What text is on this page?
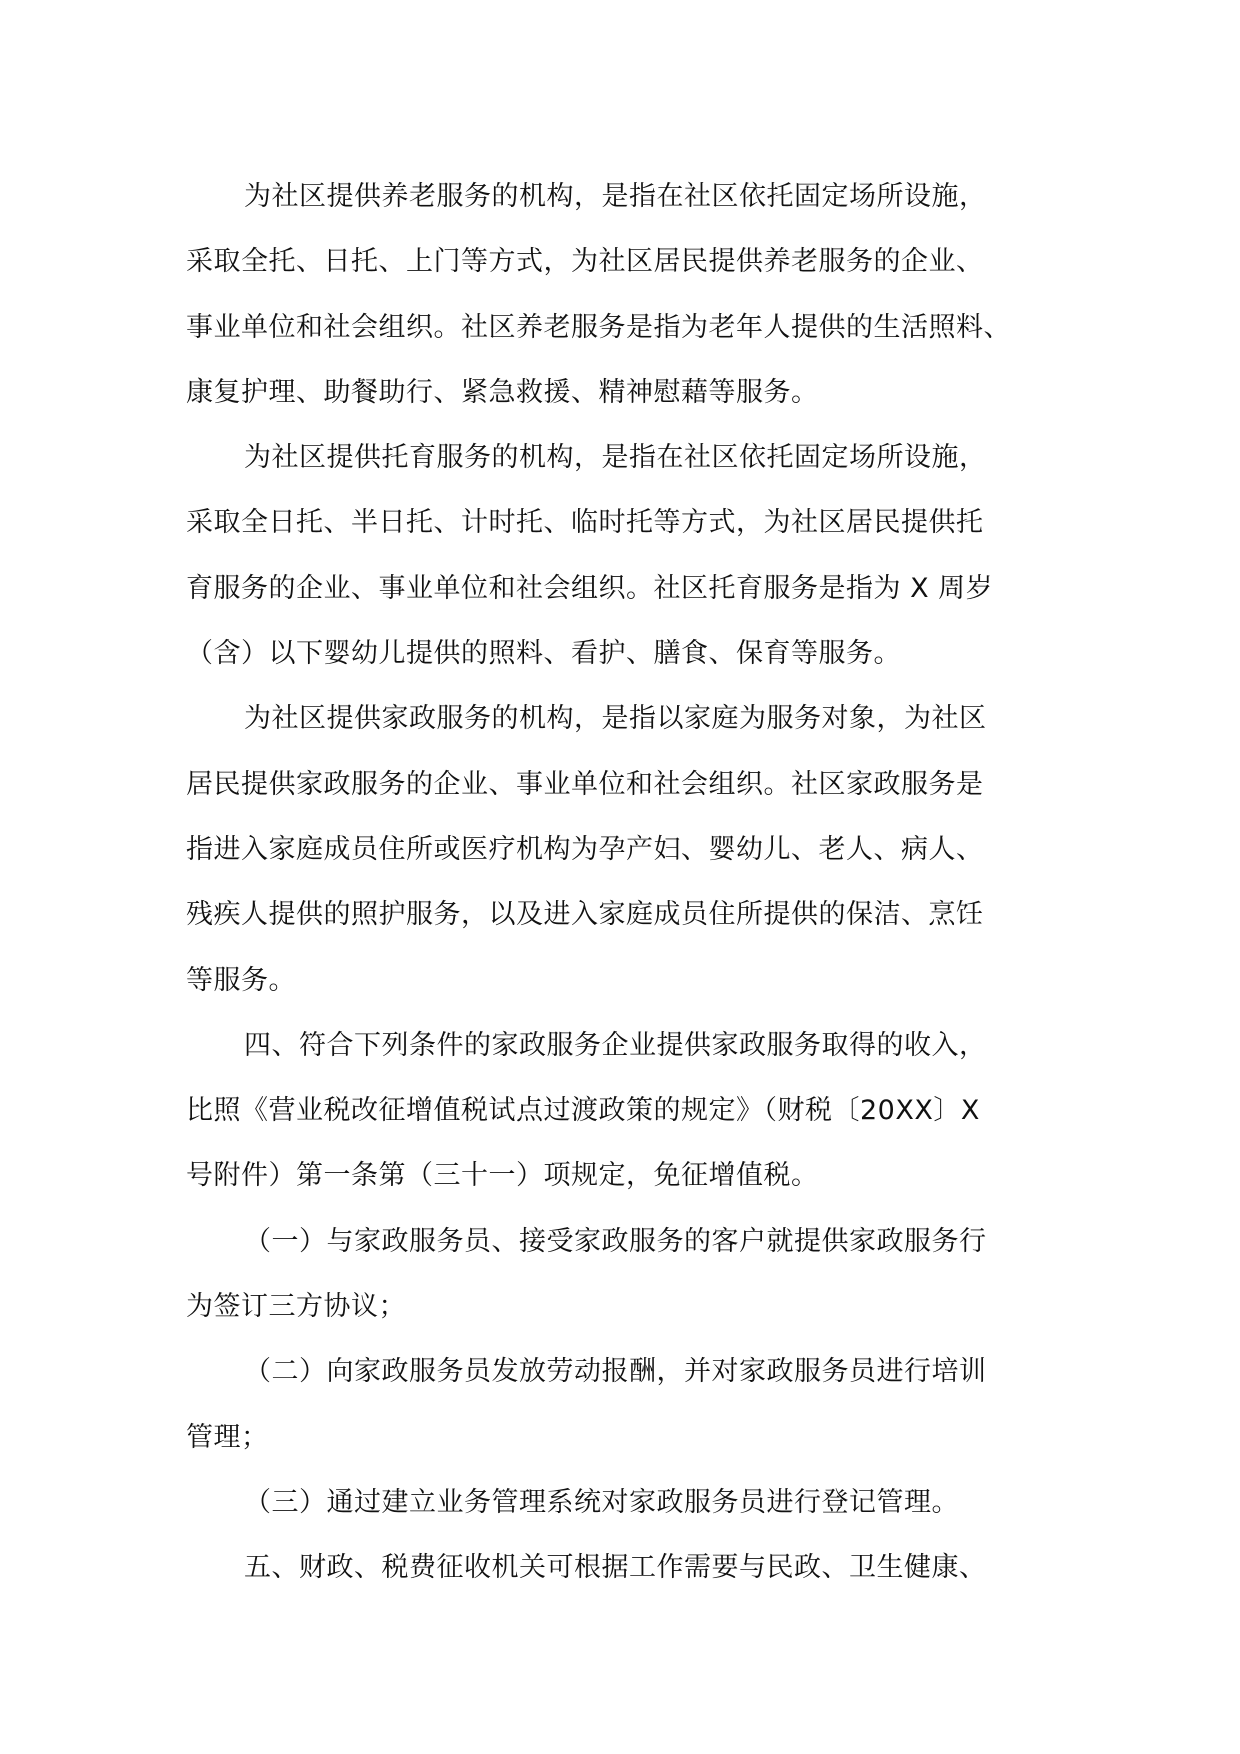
为社区提供养老服务的机构，是指在社区依托固定场所设施，
采取全托、日托、上门等方式，为社区居民提供养老服务的企业、
事业单位和社会组织。社区养老服务是指为老年人提供的生活照料、
康复护理、助餐助行、紧急救援、精神慰藉等服务。
为社区提供托育服务的机构，是指在社区依托固定场所设施，
采取全日托、半日托、计时托、临时托等方式，为社区居民提供托
育服务的企业、事业单位和社会组织。社区托育服务是指为 X 周岁
（含）以下婴幼儿提供的照料、看护、膳食、保育等服务。
为社区提供家政服务的机构，是指以家庭为服务对象，为社区
居民提供家政服务的企业、事业单位和社会组织。社区家政服务是
指进入家庭成员住所或医疗机构为孕产妇、婴幼儿、老人、病人、
残疾人提供的照护服务，以及进入家庭成员住所提供的保洁、烹饪
等服务。
四、符合下列条件的家政服务企业提供家政服务取得的收入，
比照《营业税改征增值税试点过渡政策的规定》（财税〔20XX〕X
号附件）第一条第（三十一）项规定，免征增值税。
（一）与家政服务员、接受家政服务的客户就提供家政服务行
为签订三方协议；
（二）向家政服务员发放劳动报酬，并对家政服务员进行培训
管理；
（三）通过建立业务管理系统对家政服务员进行登记管理。
五、财政、税费征收机关可根据工作需要与民政、卫生健康、
